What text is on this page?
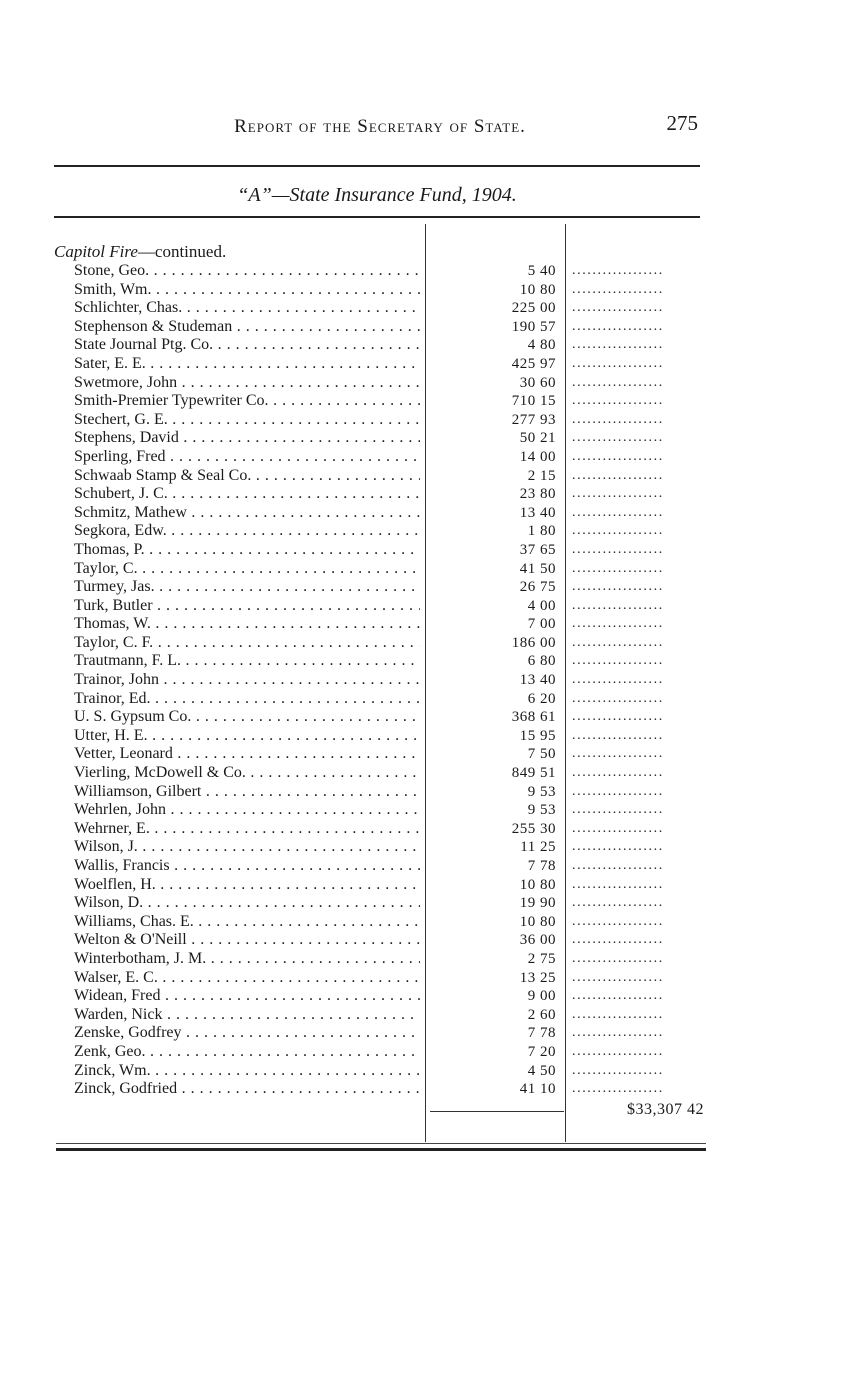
Report of the Secretary of State.	275
“A”—State Insurance Fund, 1904.
Capitol Fire—continued.
Stone, Geo. . . .	5 40 ..................
Smith, Wm. . . .	10 80 ..................
Schlichter, Chas. . . .	225 00 ..................
Stephenson & Studeman . . .	190 57 ..................
State Journal Ptg. Co. . . .	4 80 ..................
Sater, E. E. . . .	425 97 ..................
Swetmore, John . . .	30 60 ..................
Smith-Premier Typewriter Co. . . .	710 15 ..................
Stechert, G. E. . . .	277 93 ..................
Stephens, David . . .	50 21 ..................
Sperling, Fred . . .	14 00 ..................
Schwaab Stamp & Seal Co. . . .	2 15 ..................
Schubert, J. C. . . .	23 80 ..................
Schmitz, Mathew . . .	13 40 ..................
Segkora, Edw. . . .	1 80 ..................
Thomas, P. . . .	37 65 ..................
Taylor, C. . . .	41 50 ..................
Turmey, Jas. . . .	26 75 ..................
Turk, Butler . . .	4 00 ..................
Thomas, W. . . .	7 00 ..................
Taylor, C. F. . . .	186 00 ..................
Trautmann, F. L. . . .	6 80 ..................
Trainor, John . . .	13 40 ..................
Trainor, Ed. . . .	6 20 ..................
U. S. Gypsum Co. . . .	368 61 ..................
Utter, H. E. . . .	15 95 ..................
Vetter, Leonard . . .	7 50 ..................
Vierling, McDowell & Co. . . .	849 51 ..................
Williamson, Gilbert . . .	9 53 ..................
Wehrlen, John . . .	9 53 ..................
Wehrner, E. . . .	255 30 ..................
Wilson, J. . . .	11 25 ..................
Wallis, Francis . . .	7 78 ..................
Woelflen, H. . . .	10 80 ..................
Wilson, D. . . .	19 90 ..................
Williams, Chas. E. . . .	10 80 ..................
Welton & O'Neill . . .	36 00 ..................
Winterbotham, J. M. . . .	2 75 ..................
Walser, E. C. . . .	13 25 ..................
Widean, Fred . . .	9 00 ..................
Warden, Nick . . .	2 60 ..................
Zenske, Godfrey . . .	7 78 ..................
Zenk, Geo. . . .	7 20 ..................
Zinck, Wm. . . .	4 50 ..................
Zinck, Godfried . . .	41 10 ..................
$33,307 42
